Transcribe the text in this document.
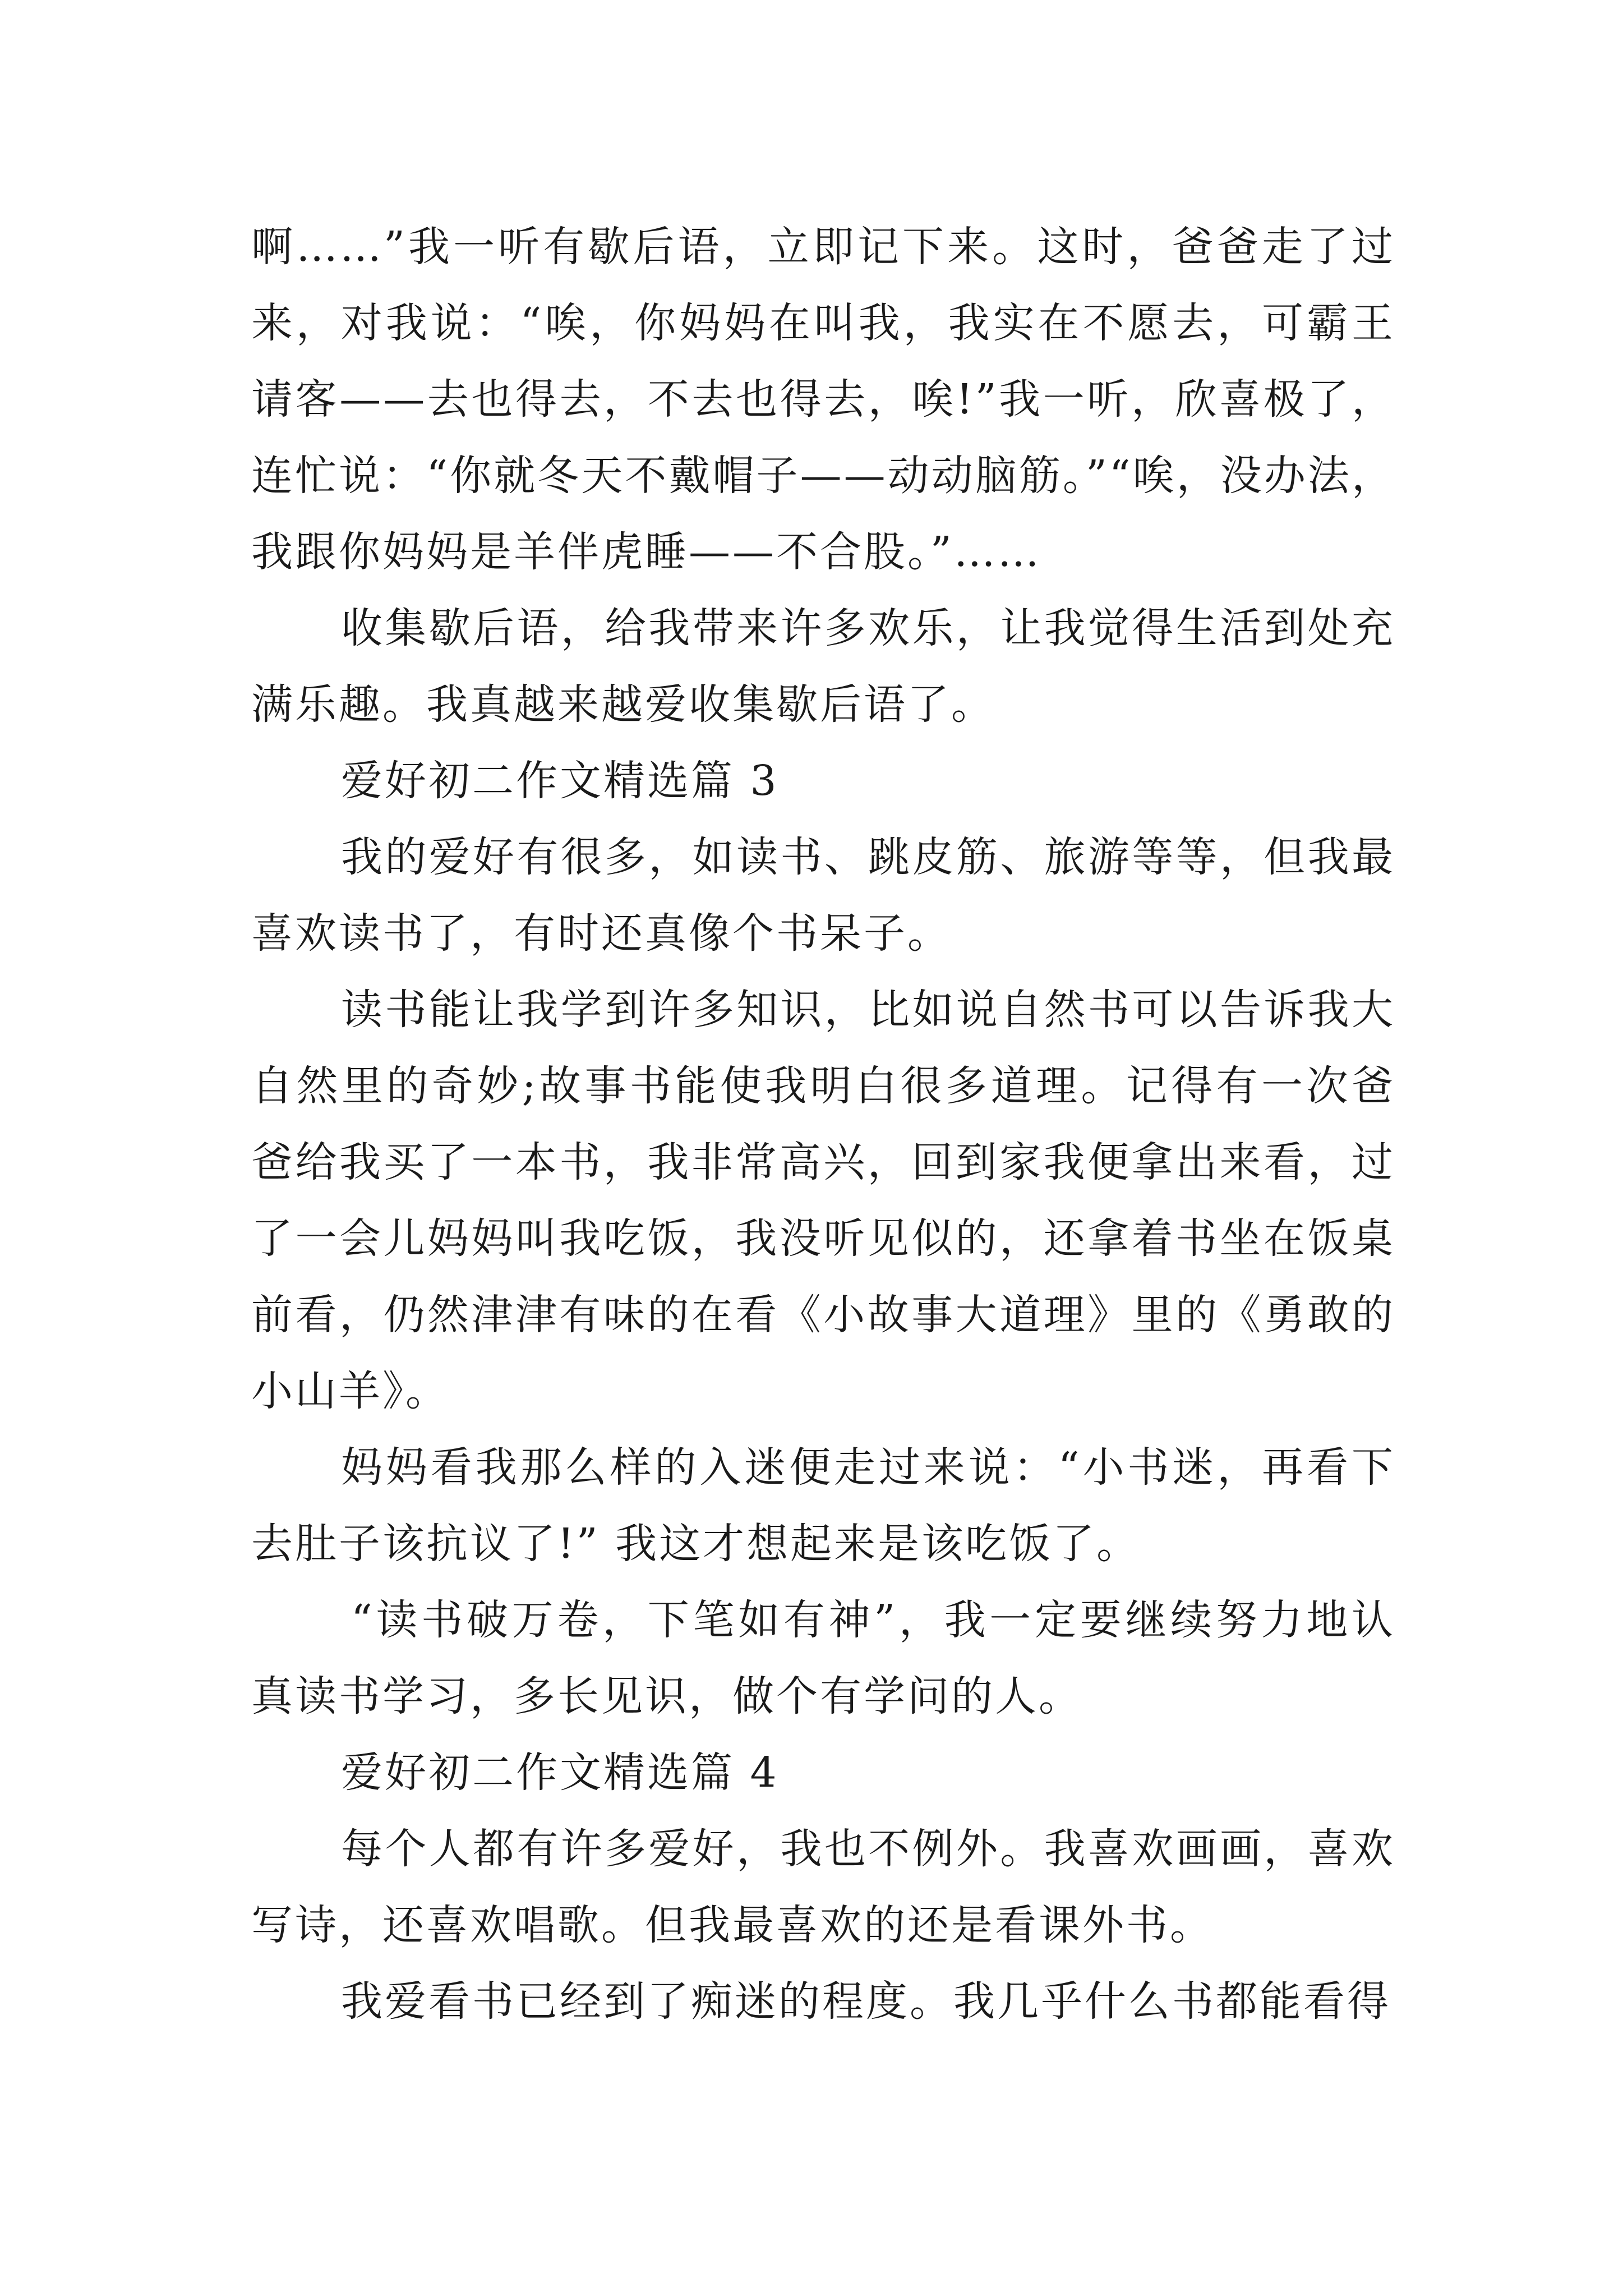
啊……”我一听有歇后语，立即记下来。这时，爸爸走了过来，对我说：“唉，你妈妈在叫我，我实在不愿去，可霸王请客——去也得去，不去也得去，唉!”我一听，欣喜极了，连忙说：“你就冬天不戴帽子——动动脑筋。”“唉，没办法，我跟你妈妈是羊伴虎睡——不合股。”……

收集歇后语，给我带来许多欢乐，让我觉得生活到处充满乐趣。我真越来越爱收集歇后语了。

爱好初二作文精选篇 3

我的爱好有很多，如读书、跳皮筋、旅游等等，但我最喜欢读书了，有时还真像个书呆子。

读书能让我学到许多知识，比如说自然书可以告诉我大自然里的奇妙;故事书能使我明白很多道理。记得有一次爸爸给我买了一本书，我非常高兴，回到家我便拿出来看，过了一会儿妈妈叫我吃饭，我没听见似的，还拿着书坐在饭桌前看，仍然津津有味的在看《小故事大道理》里的《勇敢的小山羊》。

妈妈看我那么样的入迷便走过来说：“小书迷，再看下去肚子该抗议了!” 我这才想起来是该吃饭了。

“读书破万卷，下笔如有神”，我一定要继续努力地认真读书学习，多长见识，做个有学问的人。

爱好初二作文精选篇 4

每个人都有许多爱好，我也不例外。我喜欢画画，喜欢写诗，还喜欢唱歌。但我最喜欢的还是看课外书。

我爱看书已经到了痴迷的程度。我几乎什么书都能看得
